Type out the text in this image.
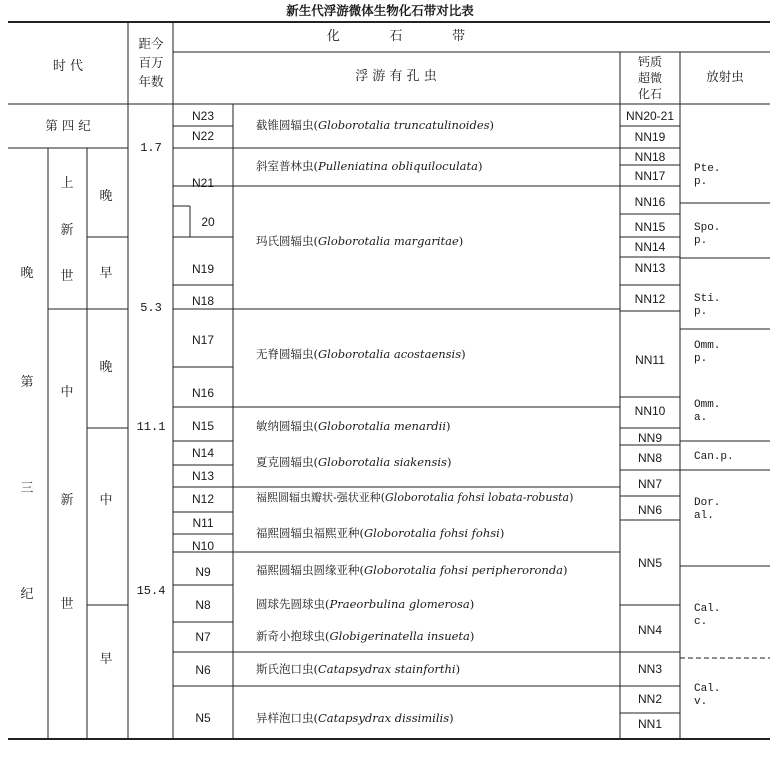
新生代浮游微体生物化石带对比表
时 代
距今
百万
年数
化            石            带
浮 游 有 孔 虫
钙质
超微
化石
放射虫
第 四 纪
晚
第
三
纪
上
新
世
中
新
世
晚
早
晚
中
早
1.7
5.3
11.1
15.4
N23
N22
N21
20
N19
N18
N17
N16
N15
N14
N13
N12
N11
N10
N9
N8
N7
N6
N5
截锥圆辐虫(Globorotalia truncatulinoides)
斜室普林虫(Pulleniatina obliquiloculata)
玛氏圆辐虫(Globorotalia margaritae)
无脊圆辐虫(Globorotalia acostaensis)
敏纳圆辐虫(Globorotalia menardii)
夏克圆辐虫(Globorotalia siakensis)
福熙圆辐虫瓣状-强状亚种(Globorotalia fohsi lobata-robusta)
福熙圆辐虫福熙亚种(Globorotalia fohsi fohsi)
福熙圆辐虫圆缘亚种(Globorotalia fohsi peripheroronda)
圆球先圆球虫(Praeorbulina glomerosa)
新奇小抱球虫(Globigerinatella insueta)
斯氏泡口虫(Catapsydrax stainforthi)
异样泡口虫(Catapsydrax dissimilis)
NN20-21
NN19
NN18
NN17
NN16
NN15
NN14
NN13
NN12
NN11
NN10
NN9
NN8
NN7
NN6
NN5
NN4
NN3
NN2
NN1
Pte.
p.
Spo.
p.
Sti.
p.
Omm.
p.
Omm.
a.
Can.p.
Dor.
al.
Cal.
c.
Cal.
v.
